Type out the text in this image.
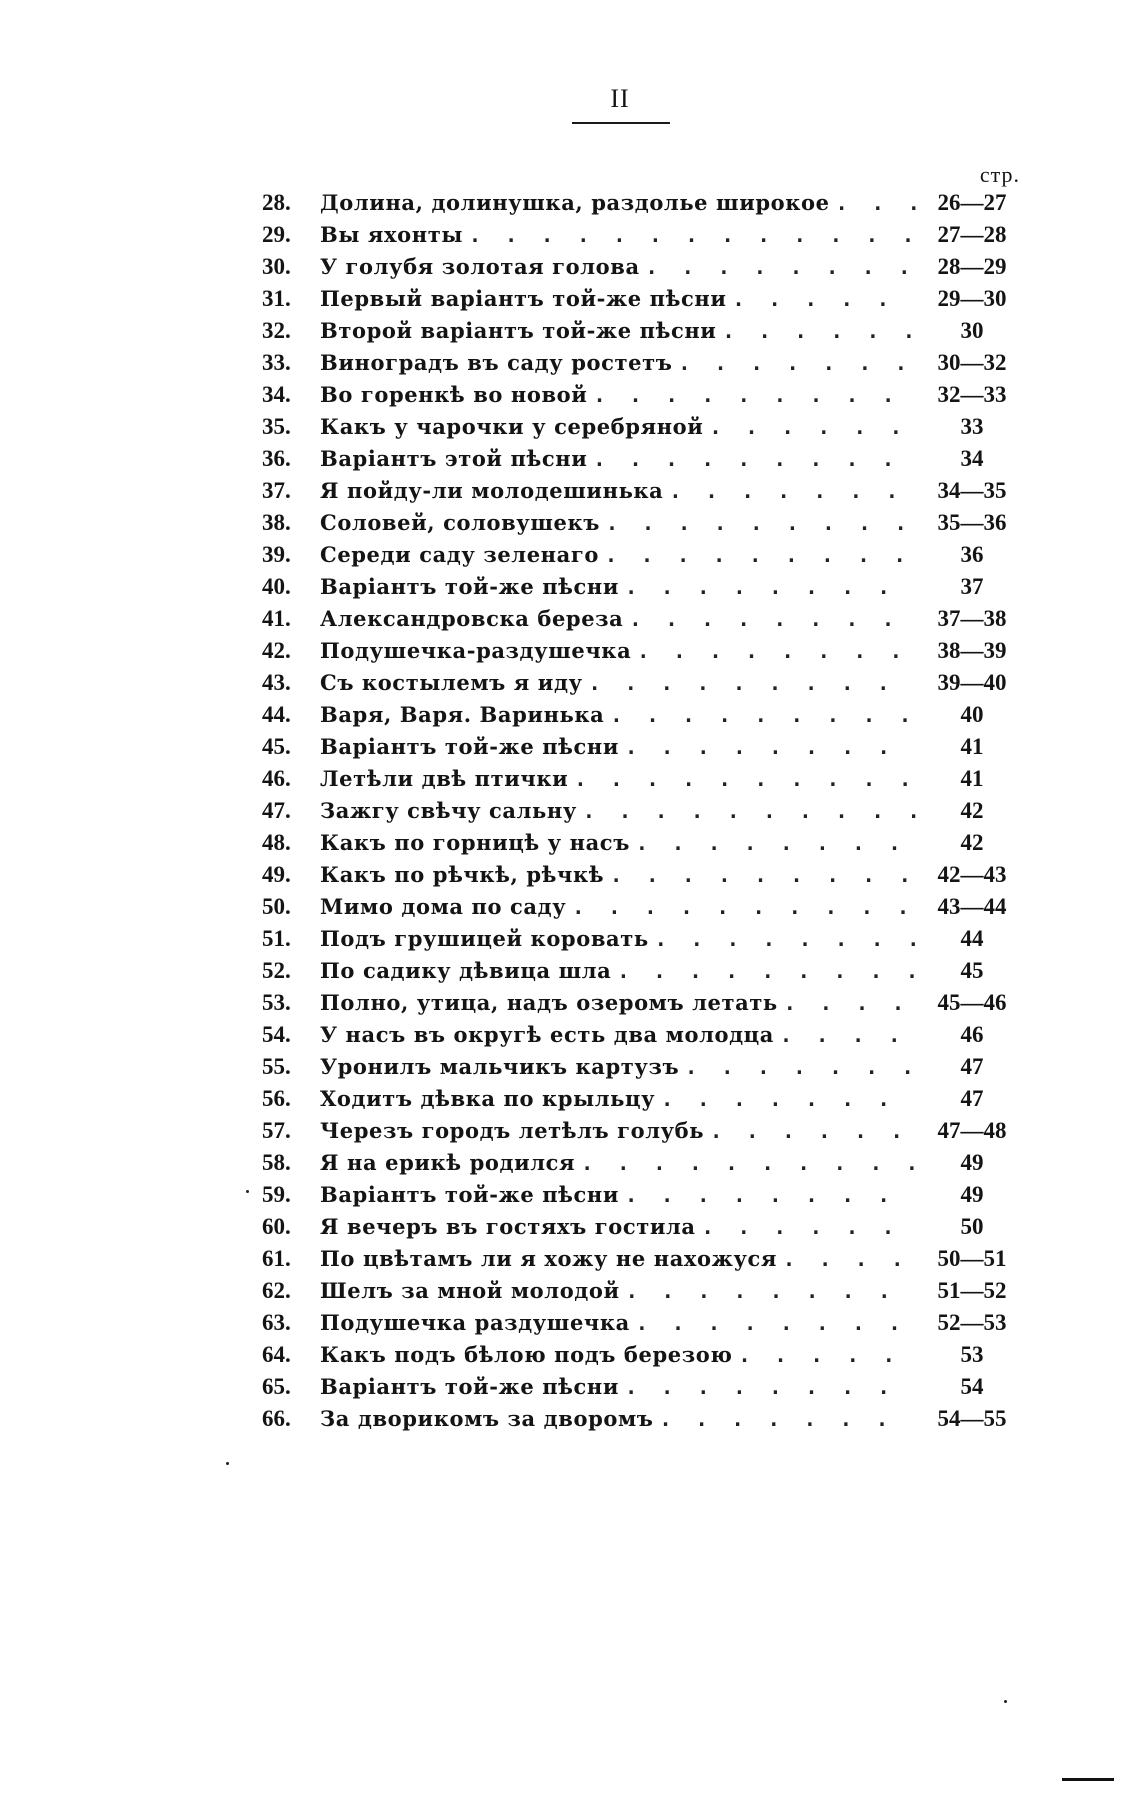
II
стр.
28.	Долина, долинушка, раздолье широкое . . .	26—27
29.	Вы яхонты . . .	27—28
30.	У голубя золотая голова . . .	28—29
31.	Первый варiантъ той-же пѣсни . . .	29—30
32.	Второй варiантъ той-же пѣсни . . .	30
33.	Виноградъ въ саду ростетъ . . .	30—32
34.	Во горенкѣ во новой . . .	32—33
35.	Какъ у чарочки у серебряной . . .	33
36.	Варiантъ этой пѣсни . . .	34
37.	Я пойду-ли молодешинька . . .	34—35
38.	Соловей, соловушекъ . . .	35—36
39.	Середи саду зеленаго . . .	36
40.	Варiантъ той-же пѣсни . . .	37
41.	Александровска береза . . .	37—38
42.	Подушечка-раздушечка . . .	38—39
43.	Съ костылемъ я иду . . .	39—40
44.	Варя, Варя. Варинька . . .	40
45.	Варiантъ той-же пѣсни . . .	41
46.	Летѣли двѣ птички . . .	41
47.	Зажгу свѣчу сальну . . .	42
48.	Какъ по горницѣ у насъ . . .	42
49.	Какъ по рѣчкѣ, рѣчкѣ . . .	42—43
50.	Мимо дома по саду . . .	43—44
51.	Подъ грушицей коровать . . .	44
52.	По садику дѣвица шла . . .	45
53.	Полно, утица, надъ озеромъ летать . . .	45—46
54.	У насъ въ округѣ есть два молодца . . .	46
55.	Уронилъ мальчикъ картузъ . . .	47
56.	Ходитъ дѣвка по крыльцу . . .	47
57.	Черезъ городъ летѣлъ голубь . . .	47—48
58.	Я на ерикѣ родился . . .	49
59.	Варiантъ той-же пѣсни . . .	49
60.	Я вечеръ въ гостяхъ гостила . . .	50
61.	По цвѣтамъ ли я хожу не нахожуся . . .	50—51
62.	Шелъ за мной молодой . . .	51—52
63.	Подушечка раздушечка . . .	52—53
64.	Какъ подъ бѣлою подъ березою . . .	53
65.	Варiантъ той-же пѣсни . . .	54
66.	За дворикомъ за дворомъ . . .	54—55
